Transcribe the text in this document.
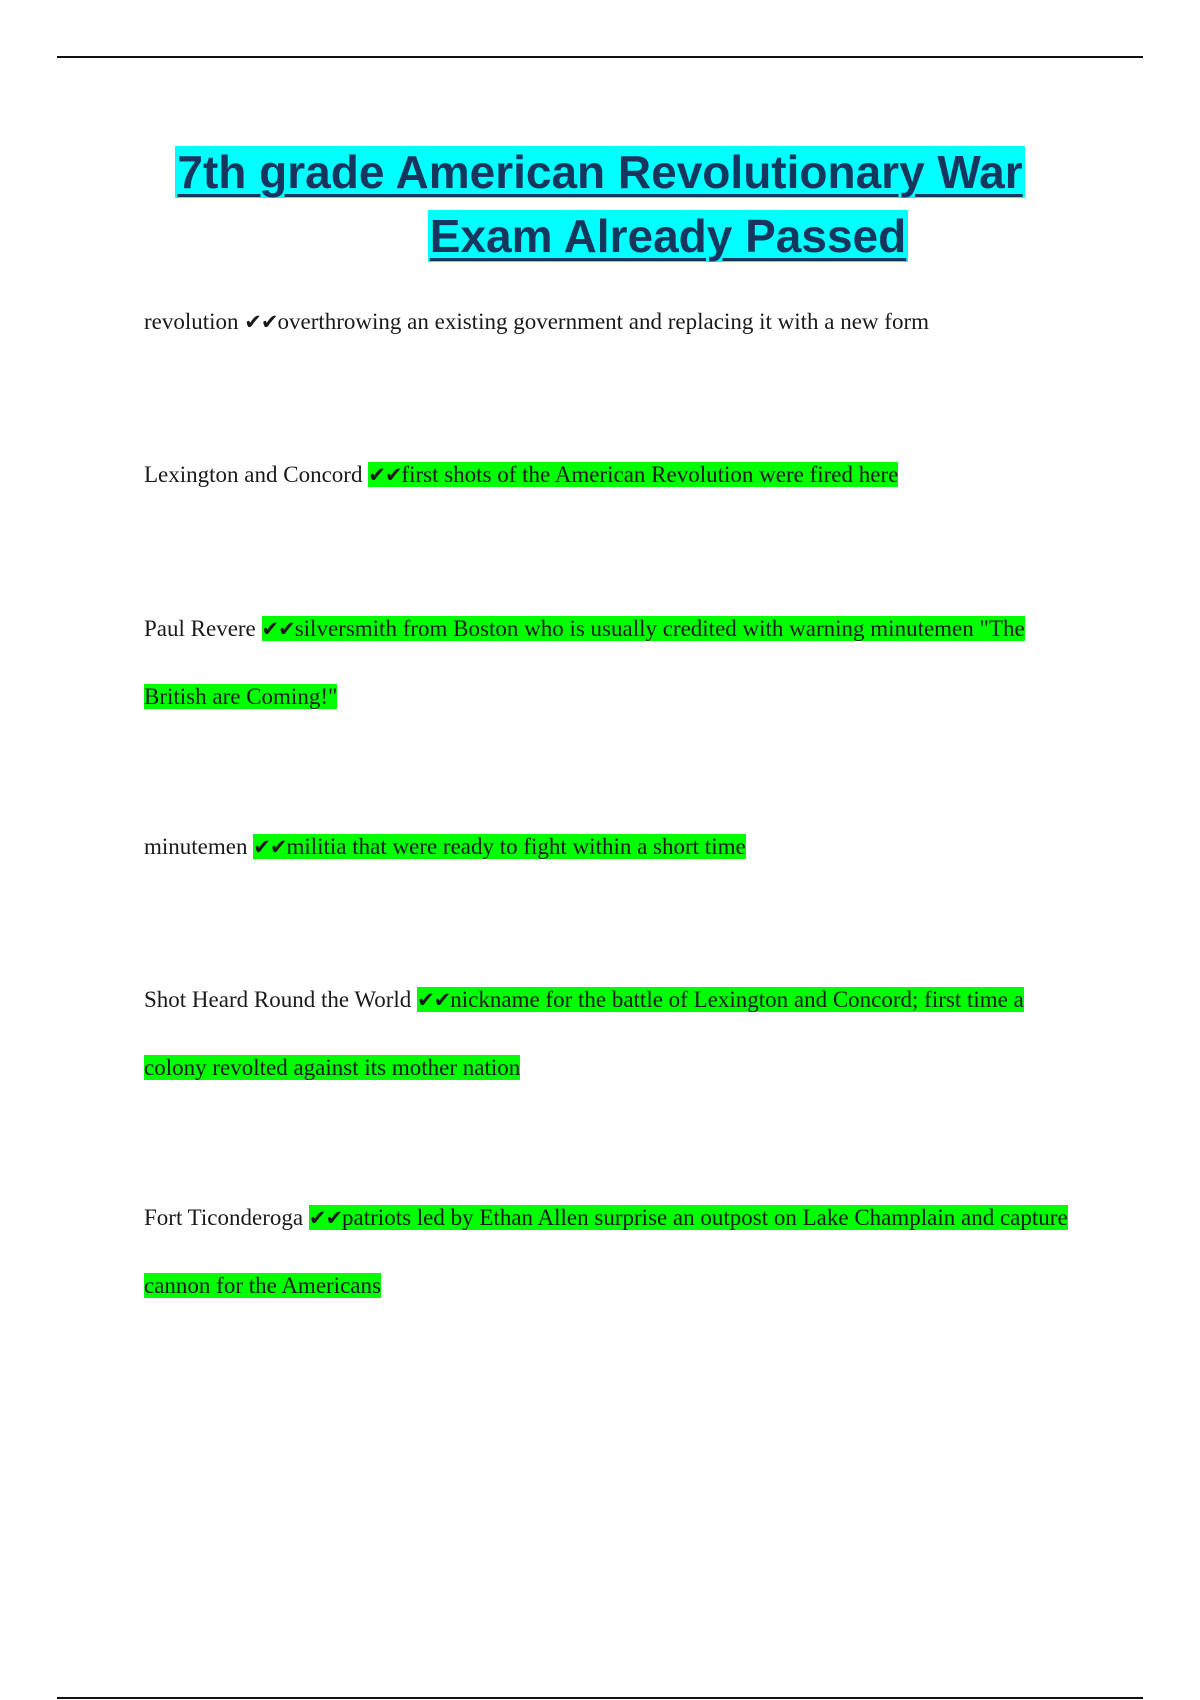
7th grade American Revolutionary War
Exam Already Passed
revolution ✔✔overthrowing an existing government and replacing it with a new form
Lexington and Concord ✔✔first shots of the American Revolution were fired here
Paul Revere ✔✔silversmith from Boston who is usually credited with warning minutemen "The British are Coming!"
minutemen ✔✔militia that were ready to fight within a short time
Shot Heard Round the World ✔✔nickname for the battle of Lexington and Concord; first time a colony revolted against its mother nation
Fort Ticonderoga ✔✔patriots led by Ethan Allen surprise an outpost on Lake Champlain and capture cannon for the Americans
